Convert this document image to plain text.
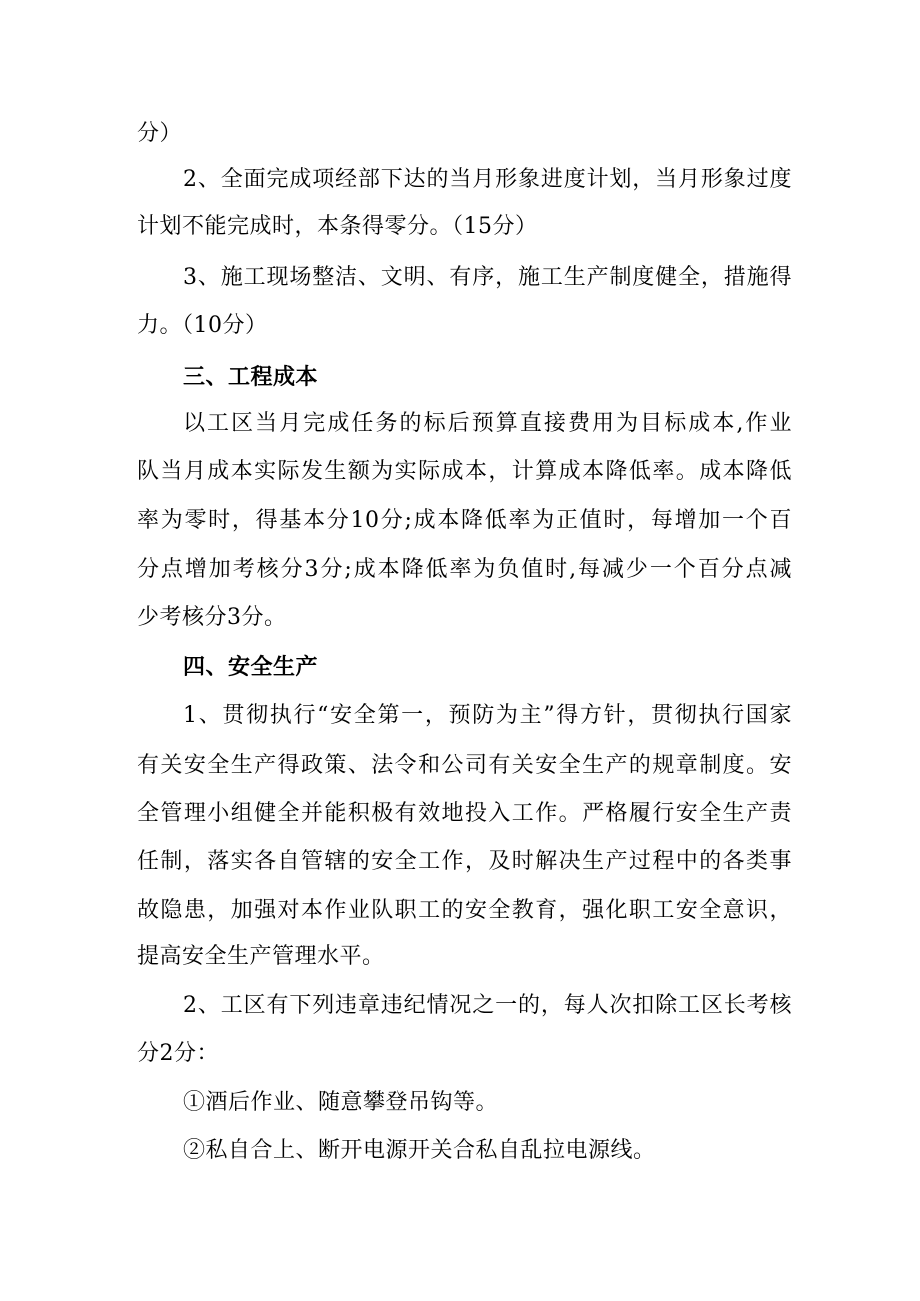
分）
2、全面完成项经部下达的当月形象进度计划，当月形象过度
计划不能完成时，本条得零分。（15分）
3、施工现场整洁、文明、有序，施工生产制度健全，措施得
力。（10分）
三、工程成本
以工区当月完成任务的标后预算直接费用为目标成本,作业
队当月成本实际发生额为实际成本，计算成本降低率。成本降低
率为零时，得基本分10分;成本降低率为正值时，每增加一个百
分点增加考核分3分;成本降低率为负值时,每减少一个百分点减
少考核分3分。
四、安全生产
1、贯彻执行“安全第一，预防为主”得方针，贯彻执行国家
有关安全生产得政策、法令和公司有关安全生产的规章制度。安
全管理小组健全并能积极有效地投入工作。严格履行安全生产责
任制，落实各自管辖的安全工作，及时解决生产过程中的各类事
故隐患，加强对本作业队职工的安全教育，强化职工安全意识，
提高安全生产管理水平。
2、工区有下列违章违纪情况之一的，每人次扣除工区长考核
分2分：
①酒后作业、随意攀登吊钩等。
②私自合上、断开电源开关合私自乱拉电源线。
